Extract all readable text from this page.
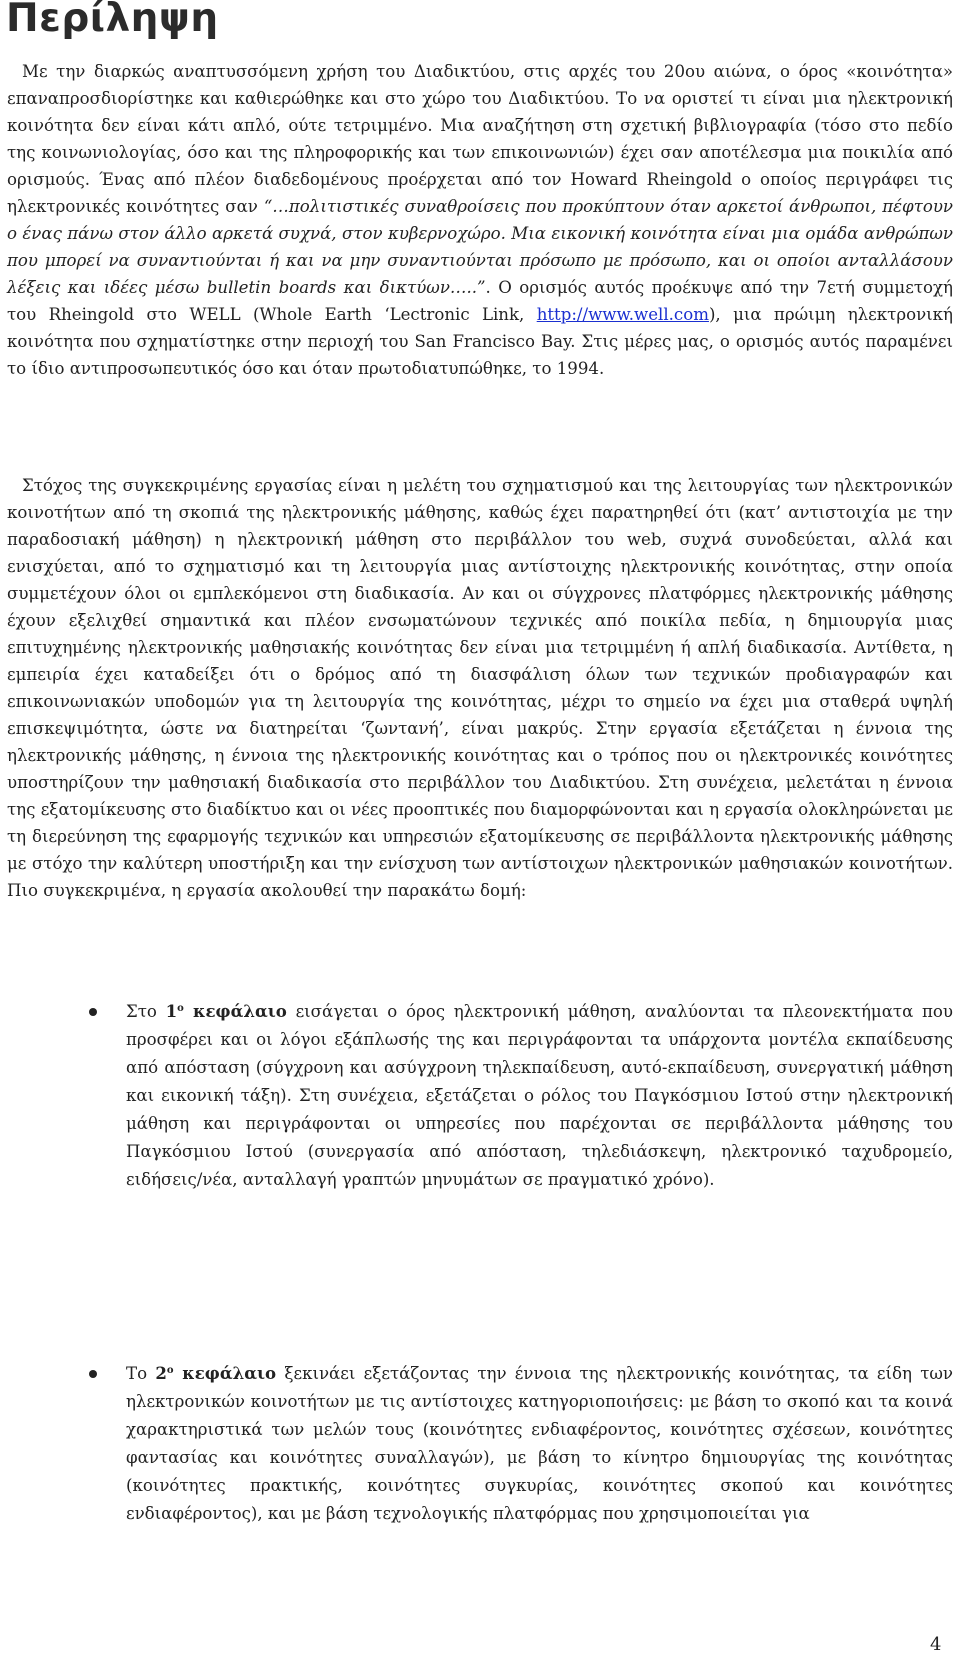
Περίληψη

Με την διαρκώς αναπτυσσόμενη χρήση του Διαδικτύου, στις αρχές του 20ου αιώνα, ο όρος «κοινότητα» επαναπροσδιορίστηκε και καθιερώθηκε και στο χώρο του Διαδικτύου. Το να οριστεί τι είναι μια ηλεκτρονική κοινότητα δεν είναι κάτι απλό, ούτε τετριμμένο. Μια αναζήτηση στη σχετική βιβλιογραφία (τόσο στο πεδίο της κοινωνιολογίας, όσο και της πληροφορικής και των επικοινωνιών) έχει σαν αποτέλεσμα μια ποικιλία από ορισμούς. Ένας από πλέον διαδεδομένους προέρχεται από τον Howard Rheingold ο οποίος περιγράφει τις ηλεκτρονικές κοινότητες σαν “…πολιτιστικές συναθροίσεις που προκύπτουν όταν αρκετοί άνθρωποι, πέφτουν ο ένας πάνω στον άλλο αρκετά συχνά, στον κυβερνοχώρο. Μια εικονική κοινότητα είναι μια ομάδα ανθρώπων που μπορεί να συναντιούνται ή και να μην συναντιούνται πρόσωπο με πρόσωπο, και οι οποίοι ανταλλάσουν λέξεις και ιδέες μέσω bulletin boards και δικτύων…..”. Ο ορισμός αυτός προέκυψε από την 7ετή συμμετοχή του Rheingold στο WELL (Whole Earth ‘Lectronic Link, http://www.well.com), μια πρώιμη ηλεκτρονική κοινότητα που σχηματίστηκε στην περιοχή του San Francisco Bay. Στις μέρες μας, ο ορισμός αυτός παραμένει το ίδιο αντιπροσωπευτικός όσο και όταν πρωτοδιατυπώθηκε, το 1994.

Στόχος της συγκεκριμένης εργασίας είναι η μελέτη του σχηματισμού και της λειτουργίας των ηλεκτρονικών κοινοτήτων από τη σκοπιά της ηλεκτρονικής μάθησης, καθώς έχει παρατηρηθεί ότι (κατ’ αντιστοιχία με την παραδοσιακή μάθηση) η ηλεκτρονική μάθηση στο περιβάλλον του web, συχνά συνοδεύεται, αλλά και ενισχύεται, από το σχηματισμό και τη λειτουργία μιας αντίστοιχης ηλεκτρονικής κοινότητας, στην οποία συμμετέχουν όλοι οι εμπλεκόμενοι στη διαδικασία. Αν και οι σύγχρονες πλατφόρμες ηλεκτρονικής μάθησης έχουν εξελιχθεί σημαντικά και πλέον ενσωματώνουν τεχνικές από ποικίλα πεδία, η δημιουργία μιας επιτυχημένης ηλεκτρονικής μαθησιακής κοινότητας δεν είναι μια τετριμμένη ή απλή διαδικασία. Αντίθετα, η εμπειρία έχει καταδείξει ότι ο δρόμος από τη διασφάλιση όλων των τεχνικών προδιαγραφών και επικοινωνιακών υποδομών για τη λειτουργία της κοινότητας, μέχρι το σημείο να έχει μια σταθερά υψηλή επισκεψιμότητα, ώστε να διατηρείται ‘ζωντανή’, είναι μακρύς. Στην εργασία εξετάζεται η έννοια της ηλεκτρονικής μάθησης, η έννοια της ηλεκτρονικής κοινότητας και ο τρόπος που οι ηλεκτρονικές κοινότητες υποστηρίζουν την μαθησιακή διαδικασία στο περιβάλλον του Διαδικτύου. Στη συνέχεια, μελετάται η έννοια της εξατομίκευσης στο διαδίκτυο και οι νέες προοπτικές που διαμορφώνονται και η εργασία ολοκληρώνεται με τη διερεύνηση της εφαρμογής τεχνικών και υπηρεσιών εξατομίκευσης σε περιβάλλοντα ηλεκτρονικής μάθησης με στόχο την καλύτερη υποστήριξη και την ενίσχυση των αντίστοιχων ηλεκτρονικών μαθησιακών κοινοτήτων. Πιο συγκεκριμένα, η εργασία ακολουθεί την παρακάτω δομή:

Στο $1^o$ κεφάλαιο εισάγεται ο όρος ηλεκτρονική μάθηση, αναλύονται τα πλεονεκτήματα που προσφέρει και οι λόγοι εξάπλωσής της και περιγράφονται τα υπάρχοντα μοντέλα εκπαίδευσης από απόσταση (σύγχρονη και ασύγχρονη τηλεκπαίδευση, αυτό-εκπαίδευση, συνεργατική μάθηση και εικονική τάξη). Στη συνέχεια, εξετάζεται ο ρόλος του Παγκόσμιου Ιστού στην ηλεκτρονική μάθηση και περιγράφονται οι υπηρεσίες που παρέχονται σε περιβάλλοντα μάθησης του Παγκόσμιου Ιστού (συνεργασία από απόσταση, τηλεδιάσκεψη, ηλεκτρονικό ταχυδρομείο, ειδήσεις/νέα, ανταλλαγή γραπτών μηνυμάτων σε πραγματικό χρόνο).

Το $2^o$ κεφάλαιο ξεκινάει εξετάζοντας την έννοια της ηλεκτρονικής κοινότητας, τα είδη των ηλεκτρονικών κοινοτήτων με τις αντίστοιχες κατηγοριοποιήσεις: με βάση το σκοπό και τα κοινά χαρακτηριστικά των μελών τους (κοινότητες ενδιαφέροντος, κοινότητες σχέσεων, κοινότητες φαντασίας και κοινότητες συναλλαγών), με βάση το κίνητρο δημιουργίας της κοινότητας (κοινότητες πρακτικής, κοινότητες συγκυρίας, κοινότητες σκοπού και κοινότητες ενδιαφέροντος), και με βάση τεχνολογικής πλατφόρμας που χρησιμοποιείται για

4
